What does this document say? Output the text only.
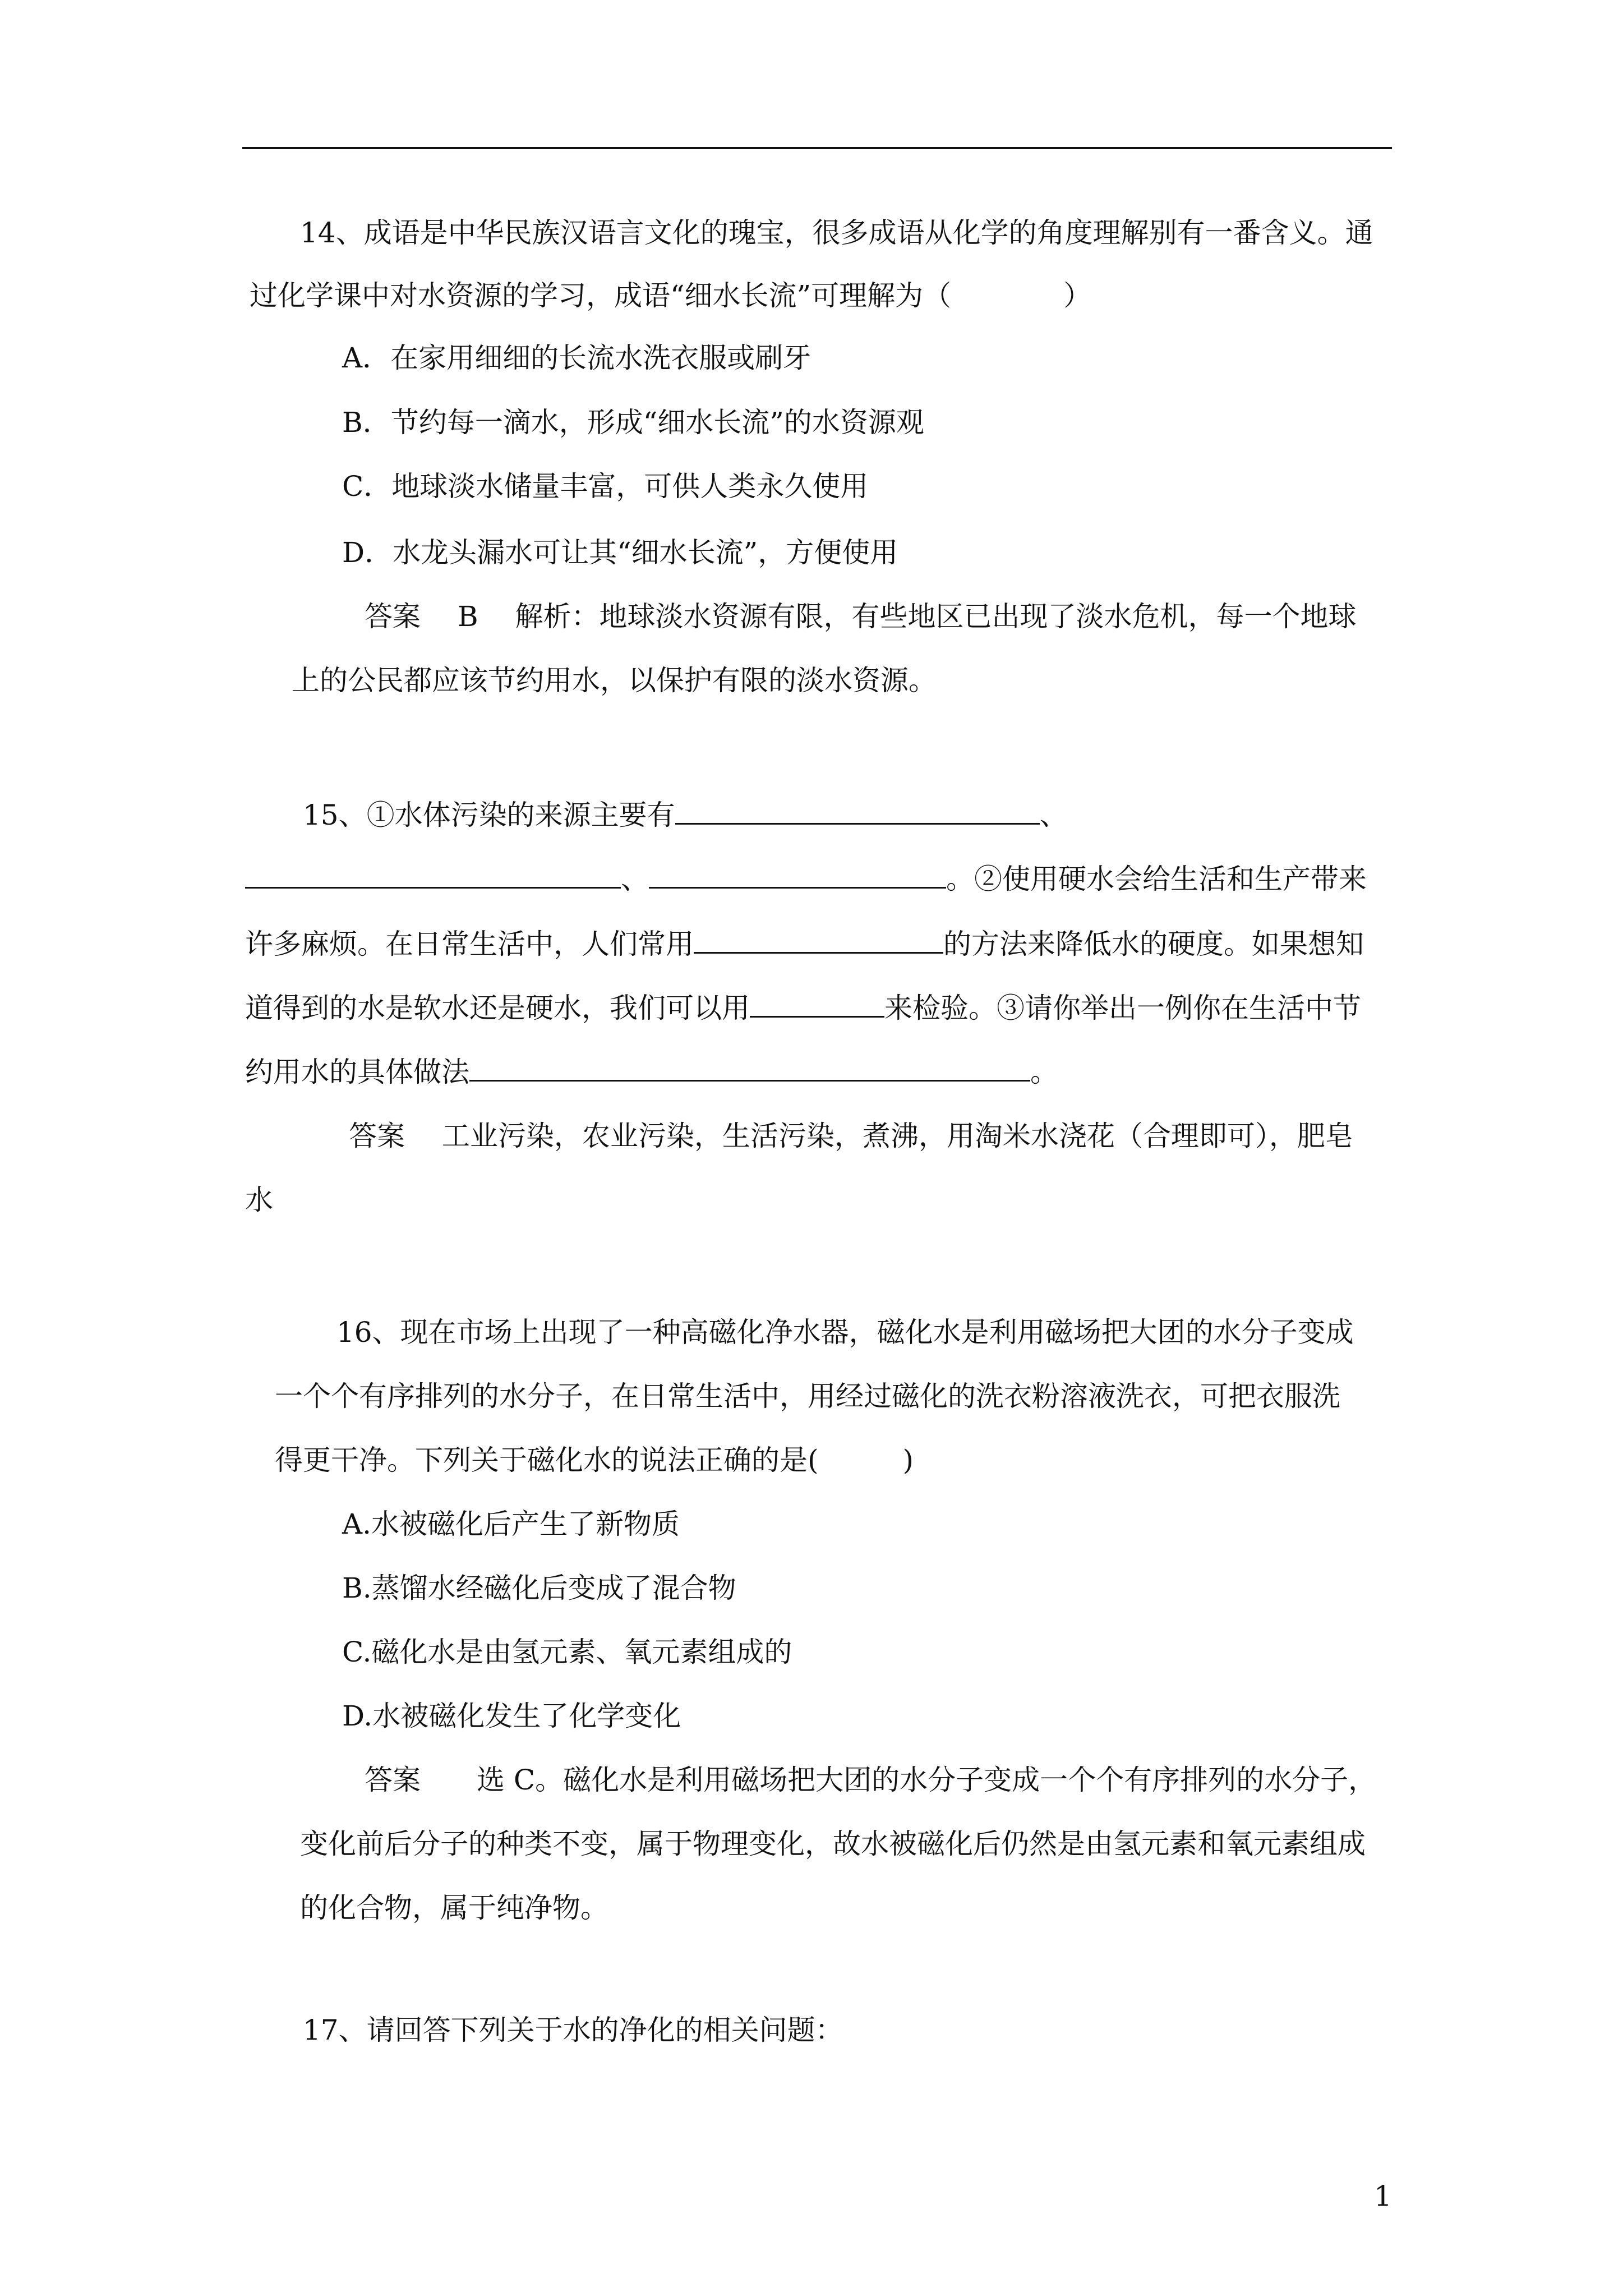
14、成语是中华民族汉语言文化的瑰宝，很多成语从化学的角度理解别有一番含义。通
过化学课中对水资源的学习，成语“细水长流”可理解为（　　　　）
A．在家用细细的长流水洗衣服或刷牙
B．节约每一滴水，形成“细水长流”的水资源观
C．地球淡水储量丰富，可供人类永久使用
D．水龙头漏水可让其“细水长流”，方便使用
答案　 B　 解析：地球淡水资源有限，有些地区已出现了淡水危机，每一个地球
上的公民都应该节约用水，以保护有限的淡水资源。
15、①水体污染的来源主要有	、
、	。②使用硬水会给生活和生产带来
许多麻烦。在日常生活中，人们常用	的方法来降低水的硬度。如果想知
道得到的水是软水还是硬水，我们可以用	来检验。③请你举出一例你在生活中节
约用水的具体做法	。
答案　 工业污染，农业污染，生活污染，煮沸，用淘米水浇花（合理即可），肥皂
水
16、现在市场上出现了一种高磁化净水器，磁化水是利用磁场把大团的水分子变成
一个个有序排列的水分子，在日常生活中，用经过磁化的洗衣粉溶液洗衣，可把衣服洗
得更干净。下列关于磁化水的说法正确的是(　　　)
A.水被磁化后产生了新物质
B.蒸馏水经磁化后变成了混合物
C.磁化水是由氢元素、氧元素组成的
D.水被磁化发生了化学变化
答案　　选 C。磁化水是利用磁场把大团的水分子变成一个个有序排列的水分子，
变化前后分子的种类不变，属于物理变化，故水被磁化后仍然是由氢元素和氧元素组成
的化合物，属于纯净物。
17、请回答下列关于水的净化的相关问题：
1
